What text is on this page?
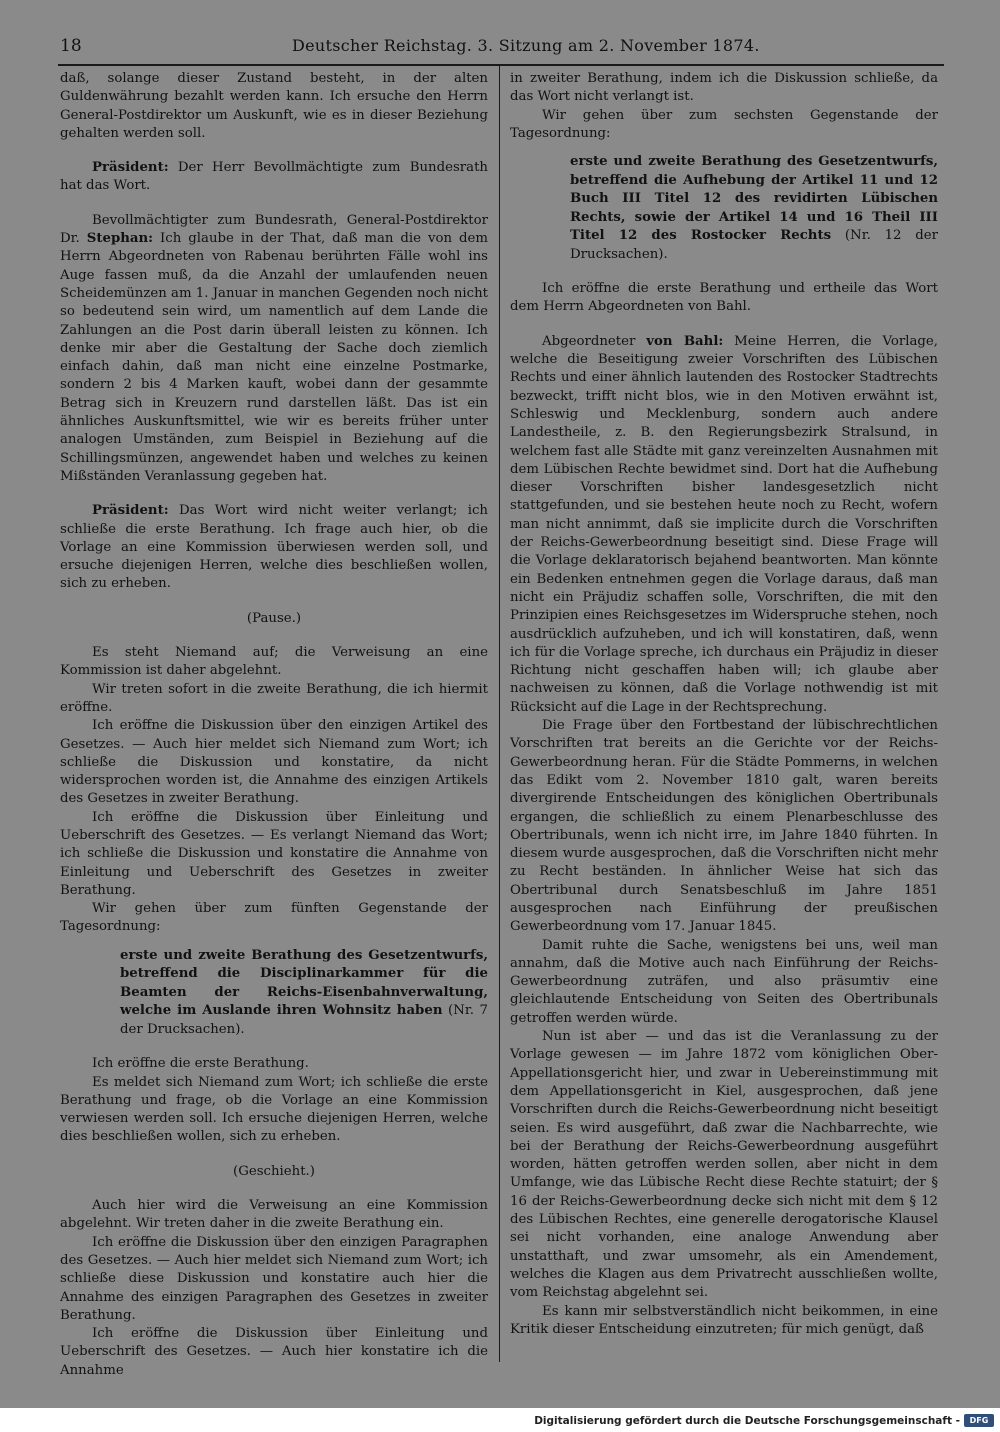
18	Deutscher Reichstag. 3. Sitzung am 2. November 1874.

daß, solange dieser Zustand besteht, in der alten Guldenwährung bezahlt werden kann. Ich ersuche den Herrn General-Postdirektor um Auskunft, wie es in dieser Beziehung gehalten werden soll.

Präsident: Der Herr Bevollmächtigte zum Bundesrath hat das Wort.

Bevollmächtigter zum Bundesrath, General-Postdirektor Dr. Stephan: Ich glaube in der That, daß man die von dem Herrn Abgeordneten von Rabenau berührten Fälle wohl ins Auge fassen muß, da die Anzahl der umlaufenden neuen Scheidemünzen am 1. Januar in manchen Gegenden noch nicht so bedeutend sein wird, um namentlich auf dem Lande die Zahlungen an die Post darin überall leisten zu können. Ich denke mir aber die Gestaltung der Sache doch ziemlich einfach dahin, daß man nicht eine einzelne Postmarke, sondern 2 bis 4 Marken kauft, wobei dann der gesammte Betrag sich in Kreuzern rund darstellen läßt. Das ist ein ähnliches Auskunftsmittel, wie wir es bereits früher unter analogen Umständen, zum Beispiel in Beziehung auf die Schillingsmünzen, angewendet haben und welches zu keinen Mißständen Veranlassung gegeben hat.

Präsident: Das Wort wird nicht weiter verlangt; ich schließe die erste Berathung. Ich frage auch hier, ob die Vorlage an eine Kommission überwiesen werden soll, und ersuche diejenigen Herren, welche dies beschließen wollen, sich zu erheben.

(Pause.)

Es steht Niemand auf; die Verweisung an eine Kommission ist daher abgelehnt.

Wir treten sofort in die zweite Berathung, die ich hiermit eröffne.

Ich eröffne die Diskussion über den einzigen Artikel des Gesetzes. — Auch hier meldet sich Niemand zum Wort; ich schließe die Diskussion und konstatire, da nicht widersprochen worden ist, die Annahme des einzigen Artikels des Gesetzes in zweiter Berathung.

Ich eröffne die Diskussion über Einleitung und Ueberschrift des Gesetzes. — Es verlangt Niemand das Wort; ich schließe die Diskussion und konstatire die Annahme von Einleitung und Ueberschrift des Gesetzes in zweiter Berathung.

Wir gehen über zum fünften Gegenstande der Tagesordnung:

erste und zweite Berathung des Gesetzentwurfs, betreffend die Disciplinarkammer für die Beamten der Reichs-Eisenbahnverwaltung, welche im Auslande ihren Wohnsitz haben (Nr. 7 der Drucksachen).

Ich eröffne die erste Berathung.

Es meldet sich Niemand zum Wort; ich schließe die erste Berathung und frage, ob die Vorlage an eine Kommission verwiesen werden soll. Ich ersuche diejenigen Herren, welche dies beschließen wollen, sich zu erheben.

(Geschieht.)

Auch hier wird die Verweisung an eine Kommission abgelehnt. Wir treten daher in die zweite Berathung ein.

Ich eröffne die Diskussion über den einzigen Paragraphen des Gesetzes. — Auch hier meldet sich Niemand zum Wort; ich schließe diese Diskussion und konstatire auch hier die Annahme des einzigen Paragraphen des Gesetzes in zweiter Berathung.

Ich eröffne die Diskussion über Einleitung und Ueberschrift des Gesetzes. — Auch hier konstatire ich die Annahme

in zweiter Berathung, indem ich die Diskussion schließe, da das Wort nicht verlangt ist.

Wir gehen über zum sechsten Gegenstande der Tagesordnung:

erste und zweite Berathung des Gesetzentwurfs, betreffend die Aufhebung der Artikel 11 und 12 Buch III Titel 12 des revidirten Lübischen Rechts, sowie der Artikel 14 und 16 Theil III Titel 12 des Rostocker Rechts (Nr. 12 der Drucksachen).

Ich eröffne die erste Berathung und ertheile das Wort dem Herrn Abgeordneten von Bahl.

Abgeordneter von Bahl: Meine Herren, die Vorlage, welche die Beseitigung zweier Vorschriften des Lübischen Rechts und einer ähnlich lautenden des Rostocker Stadtrechts bezweckt, trifft nicht blos, wie in den Motiven erwähnt ist, Schleswig und Mecklenburg, sondern auch andere Landestheile, z. B. den Regierungsbezirk Stralsund, in welchem fast alle Städte mit ganz vereinzelten Ausnahmen mit dem Lübischen Rechte bewidmet sind. Dort hat die Aufhebung dieser Vorschriften bisher landesgesetzlich nicht stattgefunden, und sie bestehen heute noch zu Recht, wofern man nicht annimmt, daß sie implicite durch die Vorschriften der Reichs-Gewerbeordnung beseitigt sind. Diese Frage will die Vorlage deklaratorisch bejahend beantworten. Man könnte ein Bedenken entnehmen gegen die Vorlage daraus, daß man nicht ein Präjudiz schaffen solle, Vorschriften, die mit den Prinzipien eines Reichsgesetzes im Widerspruche stehen, noch ausdrücklich aufzuheben, und ich will konstatiren, daß, wenn ich für die Vorlage spreche, ich durchaus ein Präjudiz in dieser Richtung nicht geschaffen haben will; ich glaube aber nachweisen zu können, daß die Vorlage nothwendig ist mit Rücksicht auf die Lage in der Rechtsprechung.

Die Frage über den Fortbestand der lübischrechtlichen Vorschriften trat bereits an die Gerichte vor der Reichs-Gewerbeordnung heran. Für die Städte Pommerns, in welchen das Edikt vom 2. November 1810 galt, waren bereits divergirende Entscheidungen des königlichen Obertribunals ergangen, die schließlich zu einem Plenarbeschlusse des Obertribunals, wenn ich nicht irre, im Jahre 1840 führten. In diesem wurde ausgesprochen, daß die Vorschriften nicht mehr zu Recht beständen. In ähnlicher Weise hat sich das Obertribunal durch Senatsbeschluß im Jahre 1851 ausgesprochen nach Einführung der preußischen Gewerbeordnung vom 17. Januar 1845.

Damit ruhte die Sache, wenigstens bei uns, weil man annahm, daß die Motive auch nach Einführung der Reichs-Gewerbeordnung zuträfen, und also präsumtiv eine gleichlautende Entscheidung von Seiten des Obertribunals getroffen werden würde.

Nun ist aber — und das ist die Veranlassung zu der Vorlage gewesen — im Jahre 1872 vom königlichen Ober-Appellationsgericht hier, und zwar in Uebereinstimmung mit dem Appellationsgericht in Kiel, ausgesprochen, daß jene Vorschriften durch die Reichs-Gewerbeordnung nicht beseitigt seien. Es wird ausgeführt, daß zwar die Nachbarrechte, wie bei der Berathung der Reichs-Gewerbeordnung ausgeführt worden, hätten getroffen werden sollen, aber nicht in dem Umfange, wie das Lübische Recht diese Rechte statuirt; der § 16 der Reichs-Gewerbeordnung decke sich nicht mit dem § 12 des Lübischen Rechtes, eine generelle derogatorische Klausel sei nicht vorhanden, eine analoge Anwendung aber unstatthaft, und zwar umsomehr, als ein Amendement, welches die Klagen aus dem Privatrecht ausschließen wollte, vom Reichstag abgelehnt sei.

Es kann mir selbstverständlich nicht beikommen, in eine Kritik dieser Entscheidung einzutreten; für mich genügt, daß

Digitalisierung gefördert durch die Deutsche Forschungsgemeinschaft -	DFG
